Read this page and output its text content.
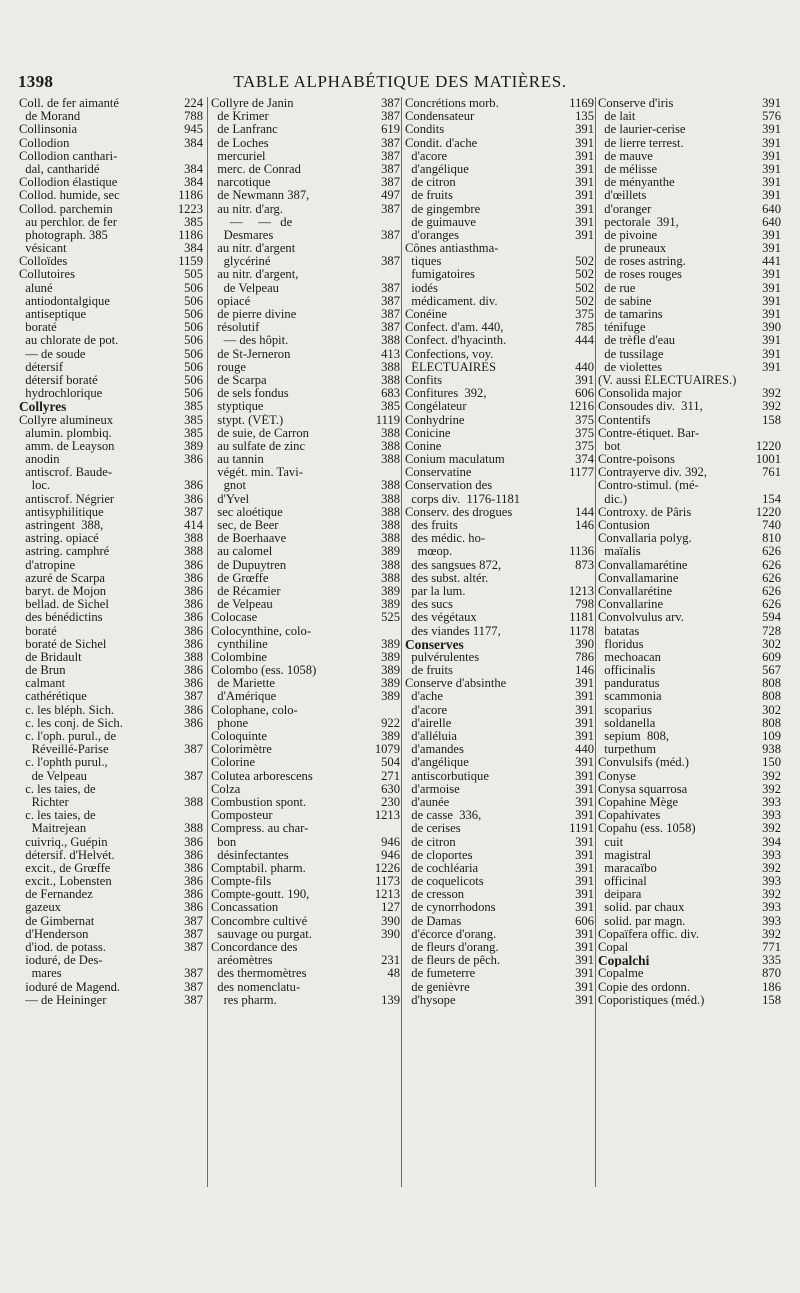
1398	TABLE ALPHABÉTIQUE DES MATIÈRES.
Coll. de fer aimanté	224
de Morand	788
Collinsonia	945
Collodion	384
Collodion canthari-
dal, cantharidé	384
Collodion élastique	384
Collod. humide, sec	1186
Collod. parchemin	1223
au perchlor. de fer	385
photograph. 385	1186
vésicant	384
Colloïdes	1159
Collutoires	505
aluné	506
antiodontalgique	506
antiseptique	506
boraté	506
au chlorate de pot.	506
— de soude	506
détersif	506
détersif boraté	506
hydrochlorique	506
Collyres	385
Collyre alumineux	385
alumin. plombiq.	385
amm. de Leayson	389
anodin	386
antiscrof. Baude-
loc.	386
antiscrof. Négrier	386
antisyphilitique	387
astringent  388,	414
astring. opiacé	388
astring. camphré	388
d'atropine	386
azuré de Scarpa	386
baryt. de Mojon	386
bellad. de Sichel	386
des bénédictins	386
boraté	386
boraté de Sichel	386
de Bridault	388
de Brun	386
calmant	386
cathérétique	387
c. les bléph. Sich.	386
c. les conj. de Sich.	386
c. l'oph. purul., de
Réveillé-Parise	387
c. l'ophth purul.,
de Velpeau	387
c. les taies, de
Richter	388
c. les taies, de
Maitrejean	388
cuivriq., Guépin	386
détersif. d'Helvét.	386
excit., de Grœffe	386
excit., Lobensten	386
de Fernandez	386
gazeux	386
de Gimbernat	387
d'Henderson	387
d'iod. de potass.	387
ioduré, de Des-
mares	387
ioduré de Magend.	387
— de Heininger	387
Collyre de Janin	387
de Krimer	387
de Lanfranc	619
de Loches	387
mercuriel	387
merc. de Conrad	387
narcotique	387
de Newmann 387,	497
au nitr. d'arg.	387
—     —   de
Desmares	387
au nitr. d'argent
glycériné	387
au nitr. d'argent,
de Velpeau	387
opiacé	387
de pierre divine	387
résolutif	387
— des hôpit.	388
de St-Jerneron	413
rouge	388
de Scarpa	388
de sels fondus	683
styptique	385
stypt. (VÉT.)	1119
de suie, de Carron	388
au sulfate de zinc	388
au tannin	388
végét. min. Tavi-
gnot	388
d'Yvel	388
sec aloétique	388
sec, de Beer	388
de Boerhaave	388
au calomel	389
de Dupuytren	388
de Grœffe	388
de Récamier	389
de Velpeau	389
Colocase	525
Colocynthine, colo-
cynthiline	389
Colombine	389
Colombo (ess. 1058)	389
de Mariette	389
d'Amérique	389
Colophane, colo-
phone	922
Coloquinte	389
Colorimètre	1079
Colorine	504
Colutea arborescens	271
Colza	630
Combustion spont.	230
Composteur	1213
Compress. au char-
bon	946
désinfectantes	946
Comptabil. pharm.	1226
Compte-fils	1173
Compte-goutt. 190,	1213
Concassation	127
Concombre cultivé	390
sauvage ou purgat.	390
Concordance des
aréomètres	231
des thermomètres	48
des nomenclatu-
res pharm.	139
Concrétions morb.	1169
Condensateur	135
Condits	391
Condit. d'ache	391
d'acore	391
d'angélique	391
de citron	391
de fruits	391
de gingembre	391
de guimauve	391
d'oranges	391
Cônes antiasthma-
tiques	502
fumigatoires	502
iodés	502
médicament. div.	502
Conéine	375
Confect. d'am. 440,	785
Confect. d'hyacinth.	444
Confections, voy.
ÉLECTUAIRES	440
Confits	391
Confitures  392,	606
Congélateur	1216
Conhydrine	375
Conicine	375
Conine	375
Conium maculatum	374
Conservatine	1177
Conservation des
corps div.  1176-1181
Conserv. des drogues	144
des fruits	146
des médic. ho-
mœop.	1136
des sangsues 872,	873
des subst. altér.
par la lum.	1213
des sucs	798
des végétaux	1181
des viandes 1177,	1178
Conserves	390
pulvérulentes	786
de fruits	146
Conserve d'absinthe	391
d'ache	391
d'acore	391
d'airelle	391
d'alléluia	391
d'amandes	440
d'angélique	391
antiscorbutique	391
d'armoise	391
d'aunée	391
de casse  336,	391
de cerises	1191
de citron	391
de cloportes	391
de cochléaria	391
de coquelicots	391
de cresson	391
de cynorrhodons	391
de Damas	606
d'écorce d'orang.	391
de fleurs d'orang.	391
de fleurs de pêch.	391
de fumeterre	391
de genièvre	391
d'hysope	391
Conserve d'iris	391
de lait	576
de laurier-cerise	391
de lierre terrest.	391
de mauve	391
de mélisse	391
de ményanthe	391
d'œillets	391
d'oranger	640
pectorale  391,	640
de pivoine	391
de pruneaux	391
de roses astring.	441
de roses rouges	391
de rue	391
de sabine	391
de tamarins	391
ténifuge	390
de trèfle d'eau	391
de tussilage	391
de violettes	391
(V. aussi ÉLECTUAIRES.)
Consolida major	392
Consoudes div.  311,	392
Contentifs	158
Contre-étiquet. Bar-
bot	1220
Contre-poisons	1001
Contrayerve div. 392,	761
Contro-stimul. (mé-
dic.)	154
Controxy. de Pâris	1220
Contusion	740
Convallaria polyg.	810
maïalis	626
Convallamarétine	626
Convallamarine	626
Convallarétine	626
Convallarine	626
Convolvulus arv.	594
batatas	728
floridus	302
mechoacan	609
officinalis	567
panduratus	808
scammonia	808
scoparius	302
soldanella	808
sepium  808,	109
turpethum	938
Convulsifs (méd.)	150
Conyse	392
Conysa squarrosa	392
Copahine Mège	393
Copahivates	393
Copahu (ess. 1058)	392
cuit	394
magistral	393
maracaïbo	392
officinal	393
deipara	392
solid. par chaux	393
solid. par magn.	393
Copaïfera offic. div.	392
Copal	771
Copalchi	335
Copalme	870
Copie des ordonn.	186
Coporistiques (méd.)	158
